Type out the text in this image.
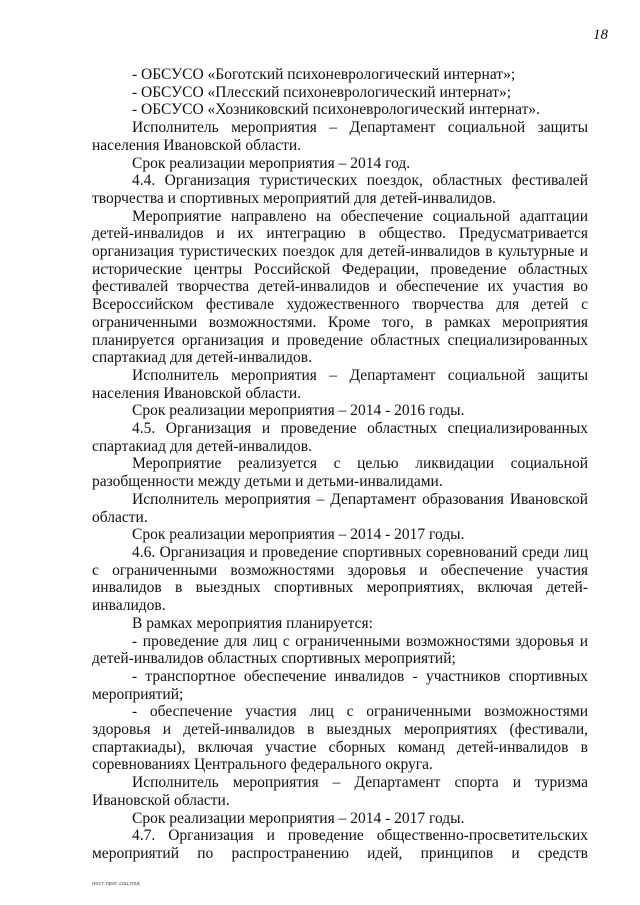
18

- ОБСУСО «Боготский психоневрологический интернат»;

- ОБСУСО «Плесский психоневрологический интернат»;

- ОБСУСО «Хозниковский психоневрологический интернат».

Исполнитель мероприятия – Департамент социальной защиты населения Ивановской области.

Срок реализации мероприятия – 2014 год.

4.4. Организация туристических поездок, областных фестивалей творчества и спортивных мероприятий для детей-инвалидов.

Мероприятие направлено на обеспечение социальной адаптации детей-инвалидов и их интеграцию в общество. Предусматривается организация туристических поездок для детей-инвалидов в культурные и исторические центры Российской Федерации, проведение областных фестивалей творчества детей-инвалидов и обеспечение их участия во Всероссийском фестивале художественного творчества для детей с ограниченными возможностями. Кроме того, в рамках мероприятия планируется организация и проведение областных специализированных спартакиад для детей-инвалидов.

Исполнитель мероприятия – Департамент социальной защиты населения Ивановской области.

Срок реализации мероприятия – 2014 - 2016 годы.

4.5. Организация и проведение областных специализированных спартакиад для детей-инвалидов.

Мероприятие реализуется с целью ликвидации социальной разобщенности между детьми и детьми-инвалидами.

Исполнитель мероприятия – Департамент образования Ивановской области.

Срок реализации мероприятия – 2014 - 2017 годы.

4.6. Организация и проведение спортивных соревнований среди лиц с ограниченными возможностями здоровья и обеспечение участия инвалидов в выездных спортивных мероприятиях, включая детей-инвалидов.

В рамках мероприятия планируется:

- проведение для лиц с ограниченными возможностями здоровья и детей-инвалидов областных спортивных мероприятий;

- транспортное обеспечение инвалидов - участников спортивных мероприятий;

- обеспечение участия лиц с ограниченными возможностями здоровья и детей-инвалидов в выездных мероприятиях (фестивали, спартакиады), включая участие сборных команд детей-инвалидов в соревнованиях Центрального федерального округа.

Исполнитель мероприятия – Департамент спорта и туризма Ивановской области.

Срок реализации мероприятия – 2014 - 2017 годы.

4.7. Организация и проведение общественно-просветительских мероприятий по распространению идей, принципов и средств

пост.прог.соц.под
